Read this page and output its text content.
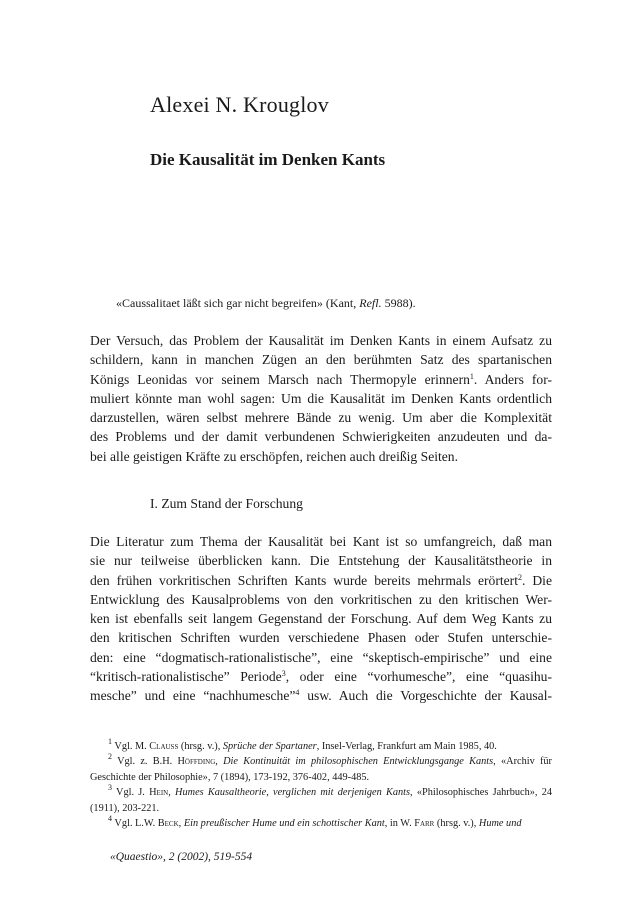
Alexei N. Krouglov
Die Kausalität im Denken Kants
«Caussalitaet läßt sich gar nicht begreifen» (Kant, Refl. 5988).
Der Versuch, das Problem der Kausalität im Denken Kants in einem Aufsatz zu
schildern, kann in manchen Zügen an den berühmten Satz des spartanischen
Königs Leonidas vor seinem Marsch nach Thermopyle erinnern$^1$. Anders for-
muliert könnte man wohl sagen: Um die Kausalität im Denken Kants ordentlich
darzustellen, wären selbst mehrere Bände zu wenig. Um aber die Komplexität
des Problems und der damit verbundenen Schwierigkeiten anzudeuten und da-
bei alle geistigen Kräfte zu erschöpfen, reichen auch dreißig Seiten.
I. Zum Stand der Forschung
Die Literatur zum Thema der Kausalität bei Kant ist so umfangreich, daß man
sie nur teilweise überblicken kann. Die Entstehung der Kausalitätstheorie in
den frühen vorkritischen Schriften Kants wurde bereits mehrmals erörtert$^2$. Die
Entwicklung des Kausalproblems von den vorkritischen zu den kritischen Wer-
ken ist ebenfalls seit langem Gegenstand der Forschung. Auf dem Weg Kants zu
den kritischen Schriften wurden verschiedene Phasen oder Stufen unterschie-
den: eine “dogmatisch-rationalistische”, eine “skeptisch-empirische” und eine
“kritisch-rationalistische” Periode$^3$, oder eine “vorhumesche”, eine “quasihu-
mesche” und eine “nachhumesche”$^4$ usw. Auch die Vorgeschichte der Kausal-
$^1$ Vgl. M. Clauss (hrsg. v.), Sprüche der Spartaner, Insel-Verlag, Frankfurt am Main 1985, 40.
$^2$ Vgl. z. B.H. Höffding, Die Kontinuität im philosophischen Entwicklungsgange Kants, «Archiv für Geschichte der Philosophie», 7 (1894), 173-192, 376-402, 449-485.
$^3$ Vgl. J. Hein, Humes Kausaltheorie, verglichen mit derjenigen Kants, «Philosophisches Jahrbuch», 24 (1911), 203-221.
$^4$ Vgl. L.W. Beck, Ein preußischer Hume und ein schottischer Kant, in W. Farr (hrsg. v.), Hume und
«Quaestio», 2 (2002), 519-554
